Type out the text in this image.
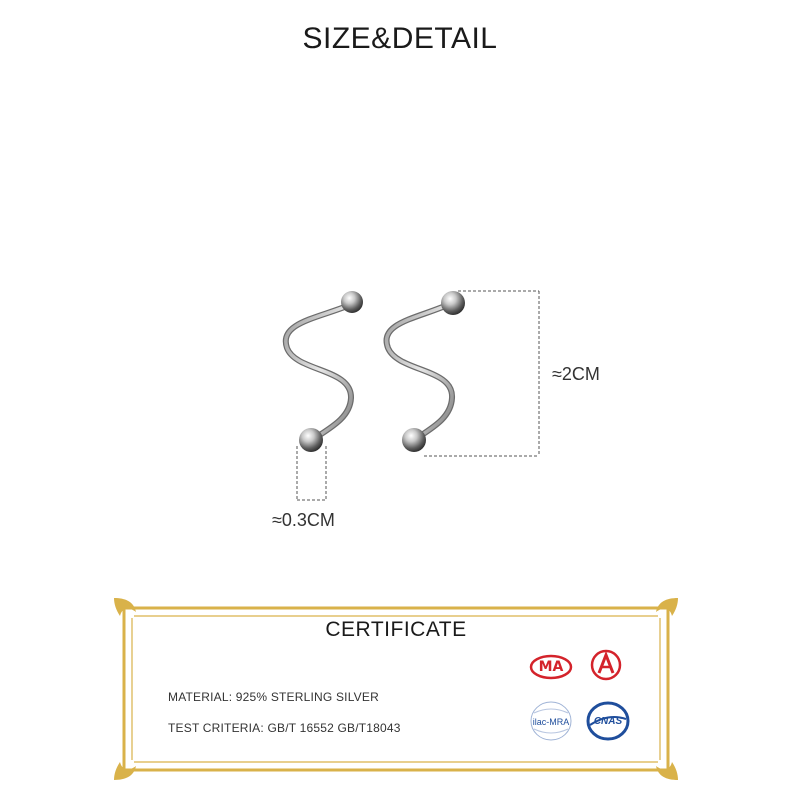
SIZE&DETAIL
≈2CM
≈0.3CM
CERTIFICATE
MATERIAL: 925% STERLING SILVER
TEST CRITERIA: GB/T 16552 GB/T18043
MA
ilac-MRA CNAS
